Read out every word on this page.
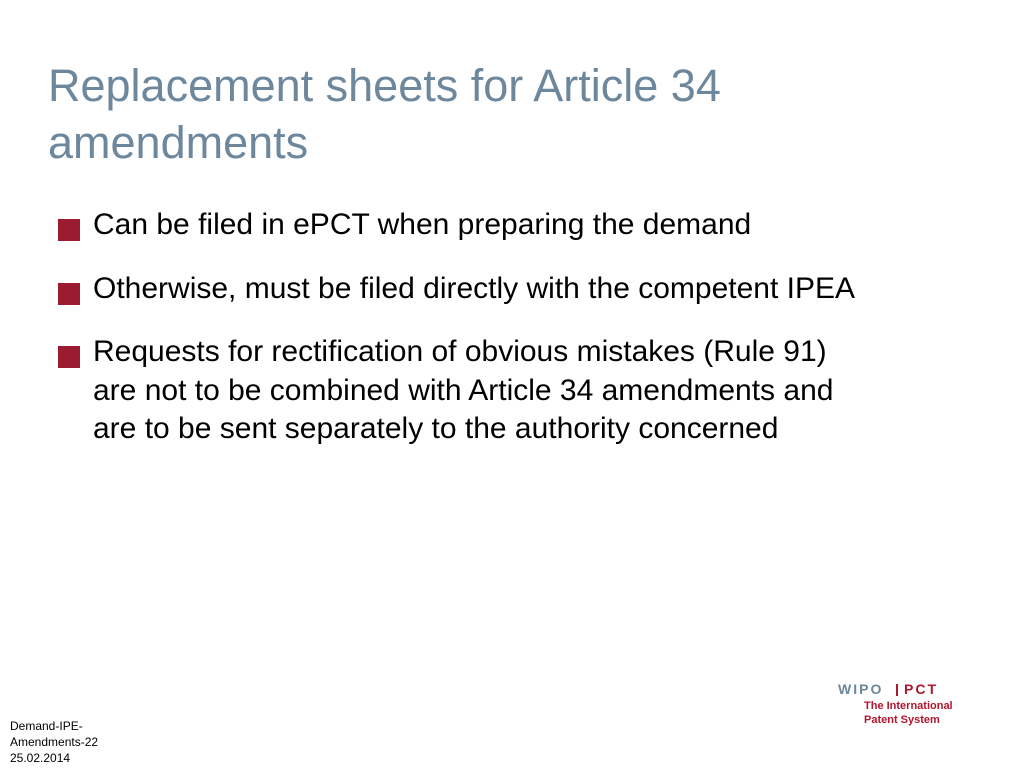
Replacement sheets for Article 34
amendments
Can be filed in ePCT when preparing the demand
Otherwise, must be filed directly with the competent IPEA
Requests for rectification of obvious mistakes (Rule 91)
are not to be combined with Article 34 amendments and
are to be sent separately to the authority concerned
Demand-IPE-
Amendments-22
25.02.2014
WIPO PCT
The International
Patent System
